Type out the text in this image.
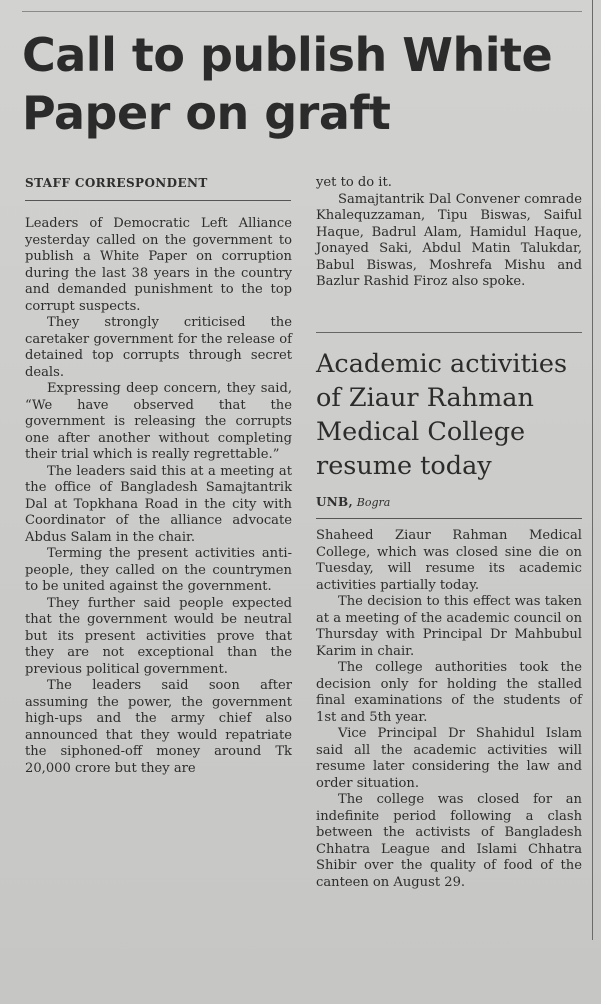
Call to publish White Paper on graft
STAFF CORRESPONDENT

Leaders of Democratic Left Alliance yesterday called on the government to publish a White Paper on corruption during the last 38 years in the country and demanded punishment to the top corrupt suspects.

They strongly criticised the caretaker government for the release of detained top corrupts through secret deals.

Expressing deep concern, they said, “We have observed that the government is releasing the corrupts one after another without completing their trial which is really regrettable.”

The leaders said this at a meeting at the office of Bangladesh Samajtantrik Dal at Topkhana Road in the city with Coordinator of the alliance advocate Abdus Salam in the chair.

Terming the present activities anti-people, they called on the countrymen to be united against the government.

They further said people expected that the government would be neutral but its present activities prove that they are not exceptional than the previous political government.

The leaders said soon after assuming the power, the government high-ups and the army chief also announced that they would repatriate the siphoned-off money around Tk 20,000 crore but they are

yet to do it.

Samajtantrik Dal Convener comrade Khalequzzaman, Tipu Biswas, Saiful Haque, Badrul Alam, Hamidul Haque, Jonayed Saki, Abdul Matin Talukdar, Babul Biswas, Moshrefa Mishu and Bazlur Rashid Firoz also spoke.

Academic activities of Ziaur Rahman Medical College resume today
UNB, Bogra

Shaheed Ziaur Rahman Medical College, which was closed sine die on Tuesday, will resume its academic activities partially today.

The decision to this effect was taken at a meeting of the academic council on Thursday with Principal Dr Mahbubul Karim in chair.

The college authorities took the decision only for holding the stalled final examinations of the students of 1st and 5th year.

Vice Principal Dr Shahidul Islam said all the academic activities will resume later considering the law and order situation.

The college was closed for an indefinite period following a clash between the activists of Bangladesh Chhatra League and Islami Chhatra Shibir over the quality of food of the canteen on August 29.
